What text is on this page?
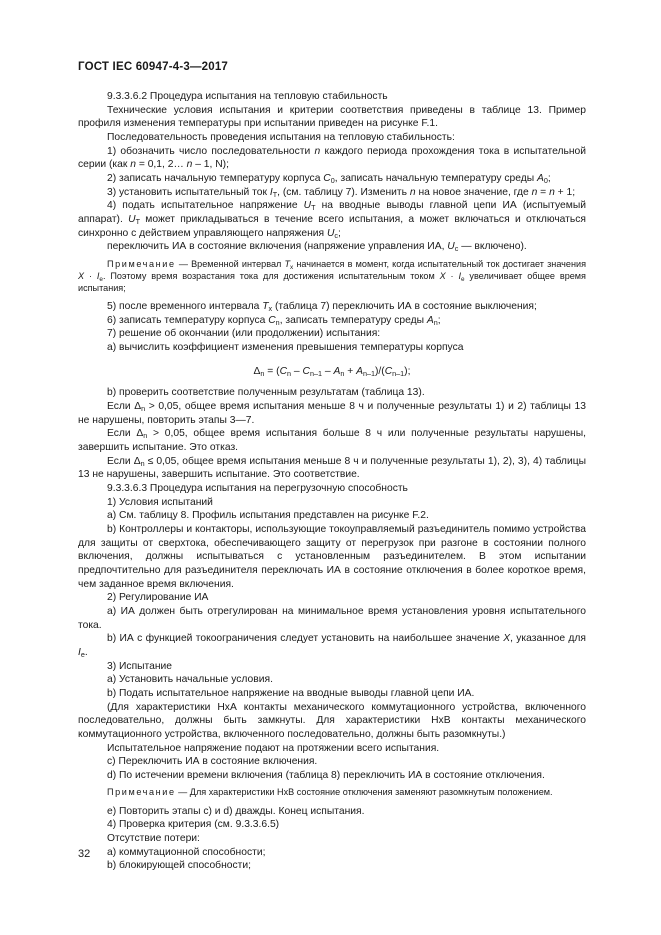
ГОСТ IEC 60947-4-3—2017

9.3.3.6.2 Процедура испытания на тепловую стабильность

Технические условия испытания и критерии соответствия приведены в таблице 13. Пример профиля изменения температуры при испытании приведен на рисунке F.1.

Последовательность проведения испытания на тепловую стабильность:

1) обозначить число последовательности n каждого периода прохождения тока в испытательной серии (как n = 0,1, 2… n – 1, N);

2) записать начальную температуру корпуса $C_0$, записать начальную температуру среды $A_0$;

3) установить испытательный ток $I_T$, (см. таблицу 7). Изменить n на новое значение, где n = n + 1;

4) подать испытательное напряжение $U_T$ на вводные выводы главной цепи ИА (испытуемый аппарат). $U_T$ может прикладываться в течение всего испытания, а может включаться и отключаться синхронно с действием управляющего напряжения $U_c$;

переключить ИА в состояние включения (напряжение управления ИА, $U_c$ — включено).

Примечание — Временной интервал $T_x$ начинается в момент, когда испытательный ток достигает значения $X \cdot I_e$. Поэтому время возрастания тока для достижения испытательным током $X \cdot I_e$ увеличивает общее время испытания;

5) после временного интервала $T_x$ (таблица 7) переключить ИА в состояние выключения;

6) записать температуру корпуса $C_n$, записать температуру среды $A_n$;

7) решение об окончании (или продолжении) испытания:

а) вычислить коэффициент изменения превышения температуры корпуса

$\Delta_n = (C_n - C_{n-1} - A_n + A_{n-1})/(C_{n-1})$;

b) проверить соответствие полученным результатам (таблица 13).

Если $\Delta_n > 0,05$, общее время испытания меньше 8 ч и полученные результаты 1) и 2) таблицы 13 не нарушены, повторить этапы 3—7.

Если $\Delta_n > 0,05$, общее время испытания больше 8 ч или полученные результаты нарушены, завершить испытание. Это отказ.

Если $\Delta_n \le 0,05$, общее время испытания меньше 8 ч и полученные результаты 1), 2), 3), 4) таблицы 13 не нарушены, завершить испытание. Это соответствие.

9.3.3.6.3 Процедура испытания на перегрузочную способность

1) Условия испытаний

а) См. таблицу 8. Профиль испытания представлен на рисунке F.2.

b) Контроллеры и контакторы, использующие токоуправляемый разъединитель помимо устройства для защиты от сверхтока, обеспечивающего защиту от перегрузок при разгоне в состоянии полного включения, должны испытываться с установленным разъединителем. В этом испытании предпочтительно для разъединителя переключать ИА в состояние отключения в более короткое время, чем заданное время включения.

2) Регулирование ИА

а) ИА должен быть отрегулирован на минимальное время установления уровня испытательного тока.

b) ИА с функцией токоограничения следует установить на наибольшее значение X, указанное для $I_e$.

3) Испытание

а) Установить начальные условия.

b) Подать испытательное напряжение на вводные выводы главной цепи ИА.

(Для характеристики НхА контакты механического коммутационного устройства, включенного последовательно, должны быть замкнуты. Для характеристики НхВ контакты механического коммутационного устройства, включенного последовательно, должны быть разомкнуты.)

Испытательное напряжение подают на протяжении всего испытания.

с) Переключить ИА в состояние включения.

d) По истечении времени включения (таблица 8) переключить ИА в состояние отключения.

Примечание — Для характеристики НхВ состояние отключения заменяют разомкнутым положением.

е) Повторить этапы с) и d) дважды. Конец испытания.

4) Проверка критерия (см. 9.3.3.6.5)

Отсутствие потери:

а) коммутационной способности;

b) блокирующей способности;

32
